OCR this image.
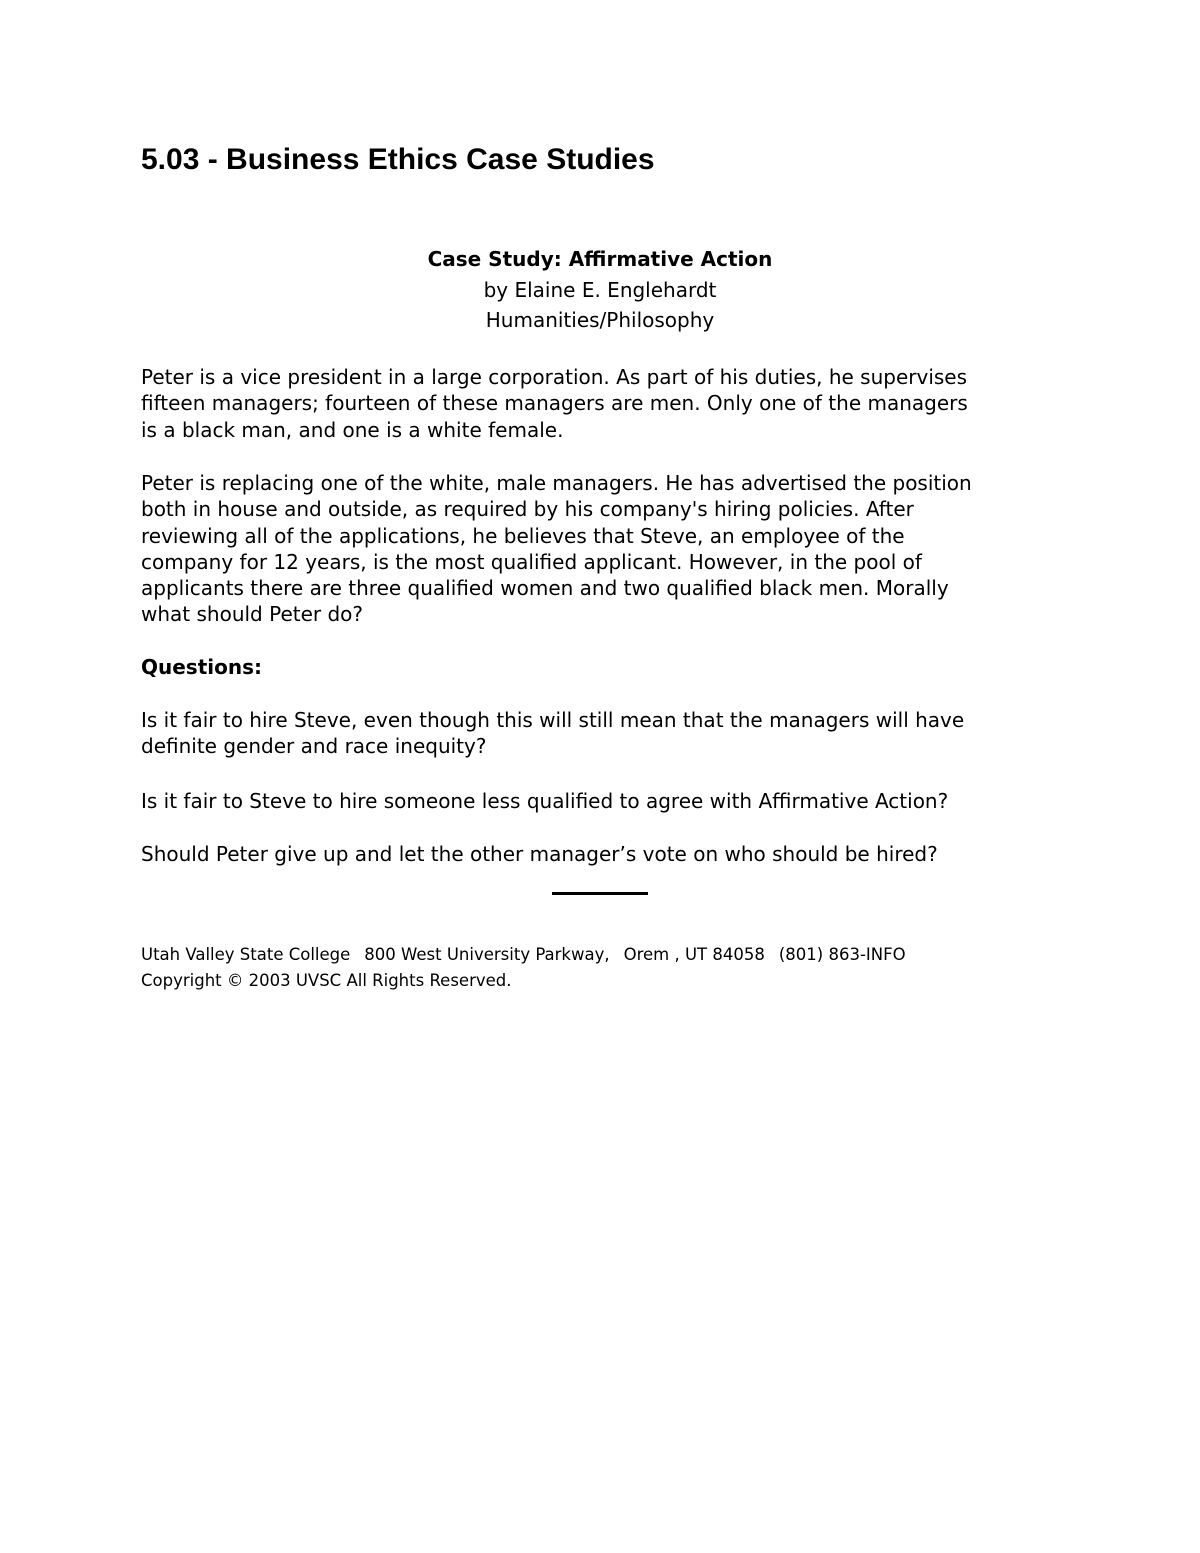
5.03 - Business Ethics Case Studies
Case Study: Affirmative Action
by Elaine E. Englehardt
Humanities/Philosophy
Peter is a vice president in a large corporation. As part of his duties, he supervises
fifteen managers; fourteen of these managers are men. Only one of the managers
is a black man, and one is a white female.
Peter is replacing one of the white, male managers. He has advertised the position
both in house and outside, as required by his company's hiring policies. After
reviewing all of the applications, he believes that Steve, an employee of the
company for 12 years, is the most qualified applicant. However, in the pool of
applicants there are three qualified women and two qualified black men. Morally
what should Peter do?
Questions:
Is it fair to hire Steve, even though this will still mean that the managers will have
definite gender and race inequity?
Is it fair to Steve to hire someone less qualified to agree with Affirmative Action?
Should Peter give up and let the other manager’s vote on who should be hired?
Utah Valley State College 800 West University Parkway, Orem , UT 84058 (801) 863-INFO
Copyright © 2003 UVSC All Rights Reserved.
